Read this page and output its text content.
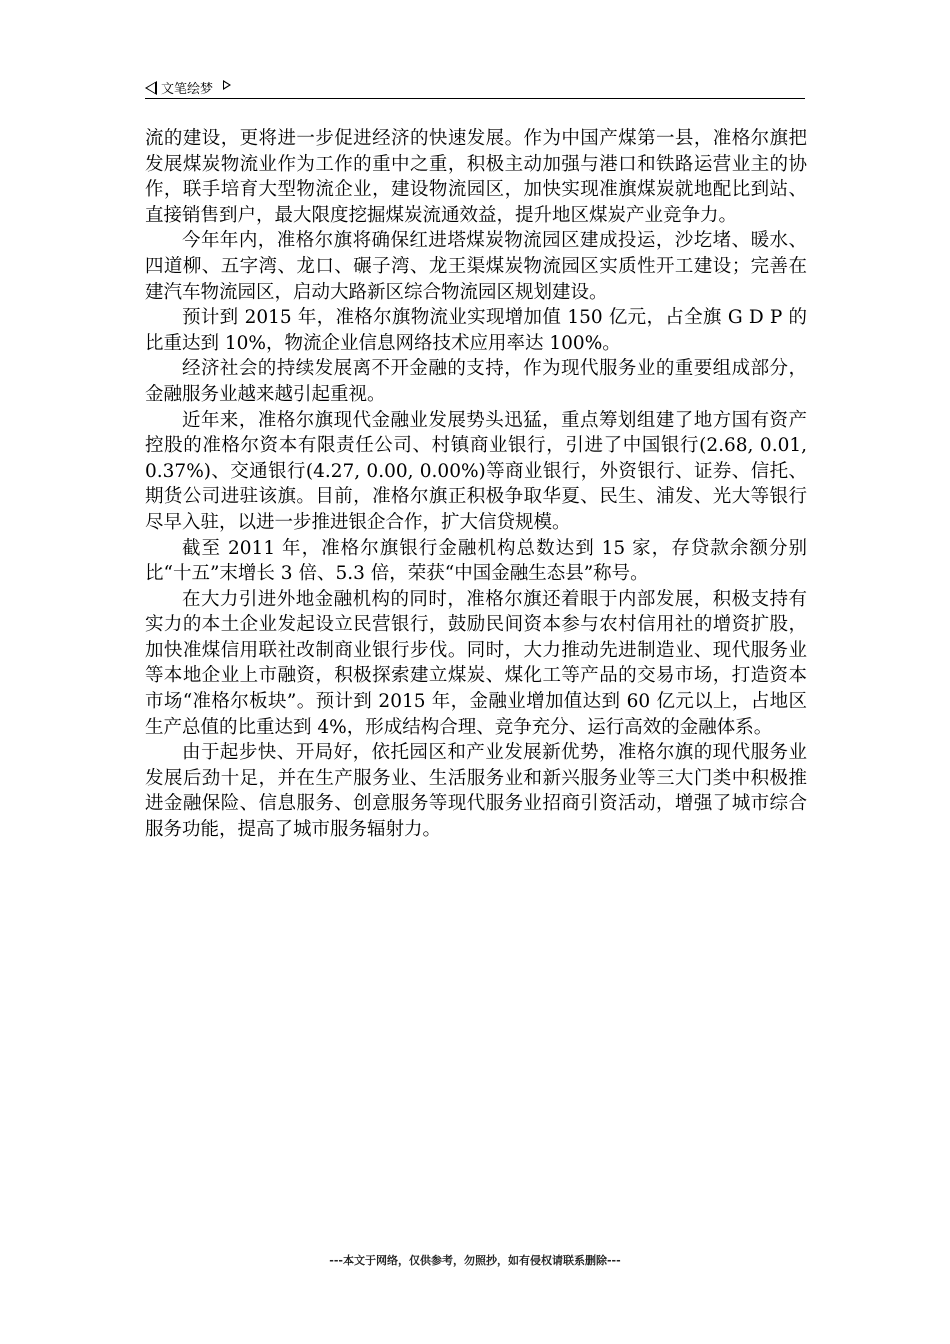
文笔绘梦

流的建设，更将进一步促进经济的快速发展。作为中国产煤第一县，准格尔旗把发展煤炭物流业作为工作的重中之重，积极主动加强与港口和铁路运营业主的协作，联手培育大型物流企业，建设物流园区，加快实现准旗煤炭就地配比到站、直接销售到户，最大限度挖掘煤炭流通效益，提升地区煤炭产业竞争力。

今年年内，准格尔旗将确保红进塔煤炭物流园区建成投运，沙圪堵、暖水、四道柳、五字湾、龙口、碾子湾、龙王渠煤炭物流园区实质性开工建设；完善在建汽车物流园区，启动大路新区综合物流园区规划建设。

预计到 2015 年，准格尔旗物流业实现增加值 150 亿元，占全旗 G D P 的比重达到 10%，物流企业信息网络技术应用率达 100%。

经济社会的持续发展离不开金融的支持，作为现代服务业的重要组成部分，金融服务业越来越引起重视。

近年来，准格尔旗现代金融业发展势头迅猛，重点筹划组建了地方国有资产控股的准格尔资本有限责任公司、村镇商业银行，引进了中国银行(2.68, 0.01, 0.37%)、交通银行(4.27, 0.00, 0.00%)等商业银行，外资银行、证券、信托、期货公司进驻该旗。目前，准格尔旗正积极争取华夏、民生、浦发、光大等银行尽早入驻，以进一步推进银企合作，扩大信贷规模。

截至 2011 年，准格尔旗银行金融机构总数达到 15 家，存贷款余额分别比“十五”末增长 3 倍、5.3 倍，荣获“中国金融生态县”称号。

在大力引进外地金融机构的同时，准格尔旗还着眼于内部发展，积极支持有实力的本土企业发起设立民营银行，鼓励民间资本参与农村信用社的增资扩股，加快准煤信用联社改制商业银行步伐。同时，大力推动先进制造业、现代服务业等本地企业上市融资，积极探索建立煤炭、煤化工等产品的交易市场，打造资本市场“准格尔板块”。预计到 2015 年，金融业增加值达到 60 亿元以上，占地区生产总值的比重达到 4%，形成结构合理、竞争充分、运行高效的金融体系。

由于起步快、开局好，依托园区和产业发展新优势，准格尔旗的现代服务业发展后劲十足，并在生产服务业、生活服务业和新兴服务业等三大门类中积极推进金融保险、信息服务、创意服务等现代服务业招商引资活动，增强了城市综合服务功能，提高了城市服务辐射力。

---本文于网络，仅供参考，勿照抄，如有侵权请联系删除---
